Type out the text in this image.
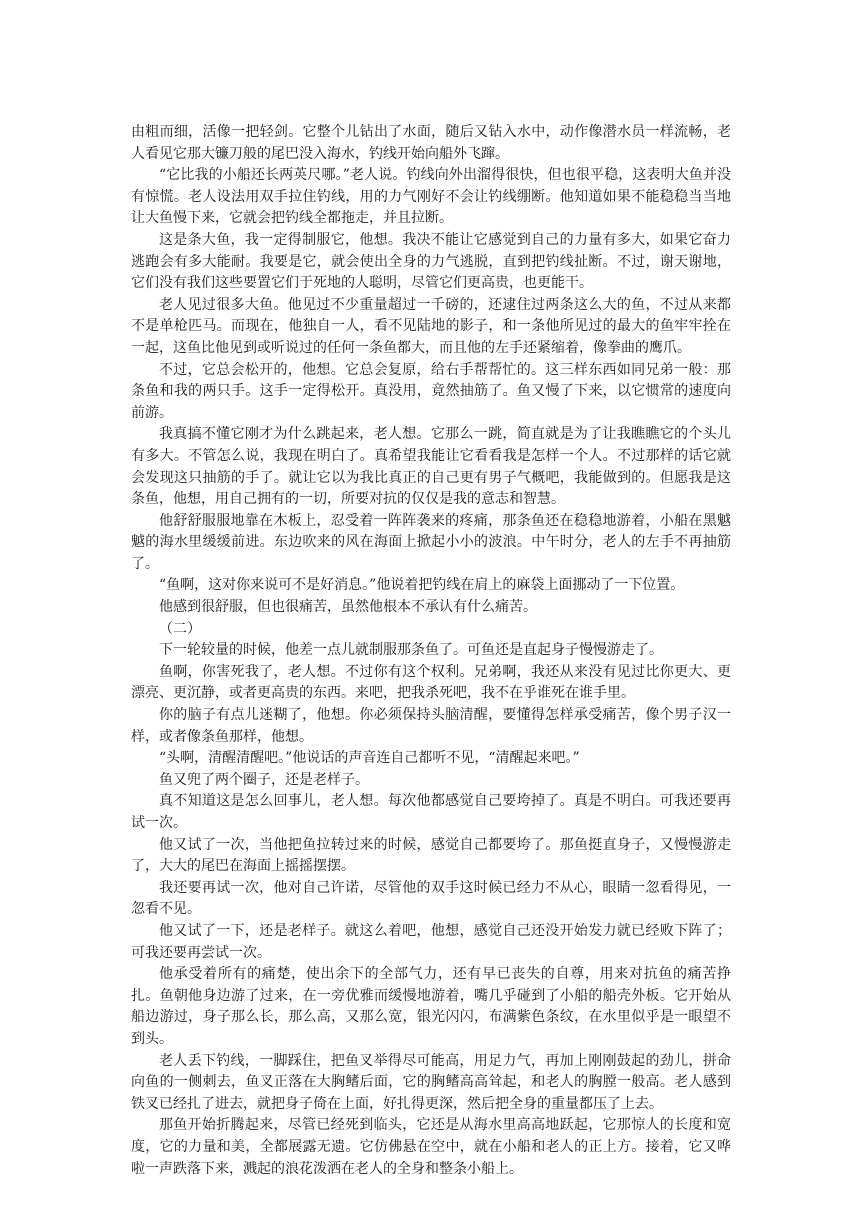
由粗而细，活像一把轻剑。它整个儿钻出了水面，随后又钻入水中，动作像潜水员一样流畅，老人看见它那大镰刀般的尾巴没入海水，钓线开始向船外飞蹿。

“它比我的小船还长两英尺哪。”老人说。钓线向外出溜得很快，但也很平稳，这表明大鱼并没有惊慌。老人设法用双手拉住钓线，用的力气刚好不会让钓线绷断。他知道如果不能稳稳当当地让大鱼慢下来，它就会把钓线全都拖走，并且拉断。

这是条大鱼，我一定得制服它，他想。我决不能让它感觉到自己的力量有多大，如果它奋力逃跑会有多大能耐。我要是它，就会使出全身的力气逃脱，直到把钓线扯断。不过，谢天谢地，它们没有我们这些要置它们于死地的人聪明，尽管它们更高贵，也更能干。

老人见过很多大鱼。他见过不少重量超过一千磅的，还逮住过两条这么大的鱼，不过从来都不是单枪匹马。而现在，他独自一人，看不见陆地的影子，和一条他所见过的最大的鱼牢牢拴在一起，这鱼比他见到或听说过的任何一条鱼都大，而且他的左手还紧缩着，像拳曲的鹰爪。

不过，它总会松开的，他想。它总会复原，给右手帮帮忙的。这三样东西如同兄弟一般：那条鱼和我的两只手。这手一定得松开。真没用，竟然抽筋了。鱼又慢了下来，以它惯常的速度向前游。

我真搞不懂它刚才为什么跳起来，老人想。它那么一跳，简直就是为了让我瞧瞧它的个头儿有多大。不管怎么说，我现在明白了。真希望我能让它看看我是怎样一个人。不过那样的话它就会发现这只抽筋的手了。就让它以为我比真正的自己更有男子气概吧，我能做到的。但愿我是这条鱼，他想，用自己拥有的一切，所要对抗的仅仅是我的意志和智慧。

他舒舒服服地靠在木板上，忍受着一阵阵袭来的疼痛，那条鱼还在稳稳地游着，小船在黑魆魆的海水里缓缓前进。东边吹来的风在海面上掀起小小的波浪。中午时分，老人的左手不再抽筋了。

“鱼啊，这对你来说可不是好消息。”他说着把钓线在肩上的麻袋上面挪动了一下位置。

他感到很舒服，但也很痛苦，虽然他根本不承认有什么痛苦。

（二）

下一轮较量的时候，他差一点儿就制服那条鱼了。可鱼还是直起身子慢慢游走了。

鱼啊，你害死我了，老人想。不过你有这个权利。兄弟啊，我还从来没有见过比你更大、更漂亮、更沉静，或者更高贵的东西。来吧，把我杀死吧，我不在乎谁死在谁手里。

你的脑子有点儿迷糊了，他想。你必须保持头脑清醒，要懂得怎样承受痛苦，像个男子汉一样，或者像条鱼那样，他想。

“头啊，清醒清醒吧。”他说话的声音连自己都听不见，“清醒起来吧。”

鱼又兜了两个圈子，还是老样子。

真不知道这是怎么回事儿，老人想。每次他都感觉自己要垮掉了。真是不明白。可我还要再试一次。

他又试了一次，当他把鱼拉转过来的时候，感觉自己都要垮了。那鱼挺直身子，又慢慢游走了，大大的尾巴在海面上摇摇摆摆。

我还要再试一次，他对自己许诺，尽管他的双手这时候已经力不从心，眼睛一忽看得见，一忽看不见。

他又试了一下，还是老样子。就这么着吧，他想，感觉自己还没开始发力就已经败下阵了；可我还要再尝试一次。

他承受着所有的痛楚，使出余下的全部气力，还有早已丧失的自尊，用来对抗鱼的痛苦挣扎。鱼朝他身边游了过来，在一旁优雅而缓慢地游着，嘴几乎碰到了小船的船壳外板。它开始从船边游过，身子那么长，那么高，又那么宽，银光闪闪，布满紫色条纹，在水里似乎是一眼望不到头。

老人丢下钓线，一脚踩住，把鱼叉举得尽可能高，用足力气，再加上刚刚鼓起的劲儿，拼命向鱼的一侧刺去，鱼叉正落在大胸鳍后面，它的胸鳍高高耸起，和老人的胸膛一般高。老人感到铁叉已经扎了进去，就把身子倚在上面，好扎得更深，然后把全身的重量都压了上去。

那鱼开始折腾起来，尽管已经死到临头，它还是从海水里高高地跃起，它那惊人的长度和宽度，它的力量和美，全都展露无遗。它仿佛悬在空中，就在小船和老人的正上方。接着，它又哗啦一声跌落下来，溅起的浪花泼洒在老人的全身和整条小船上。
